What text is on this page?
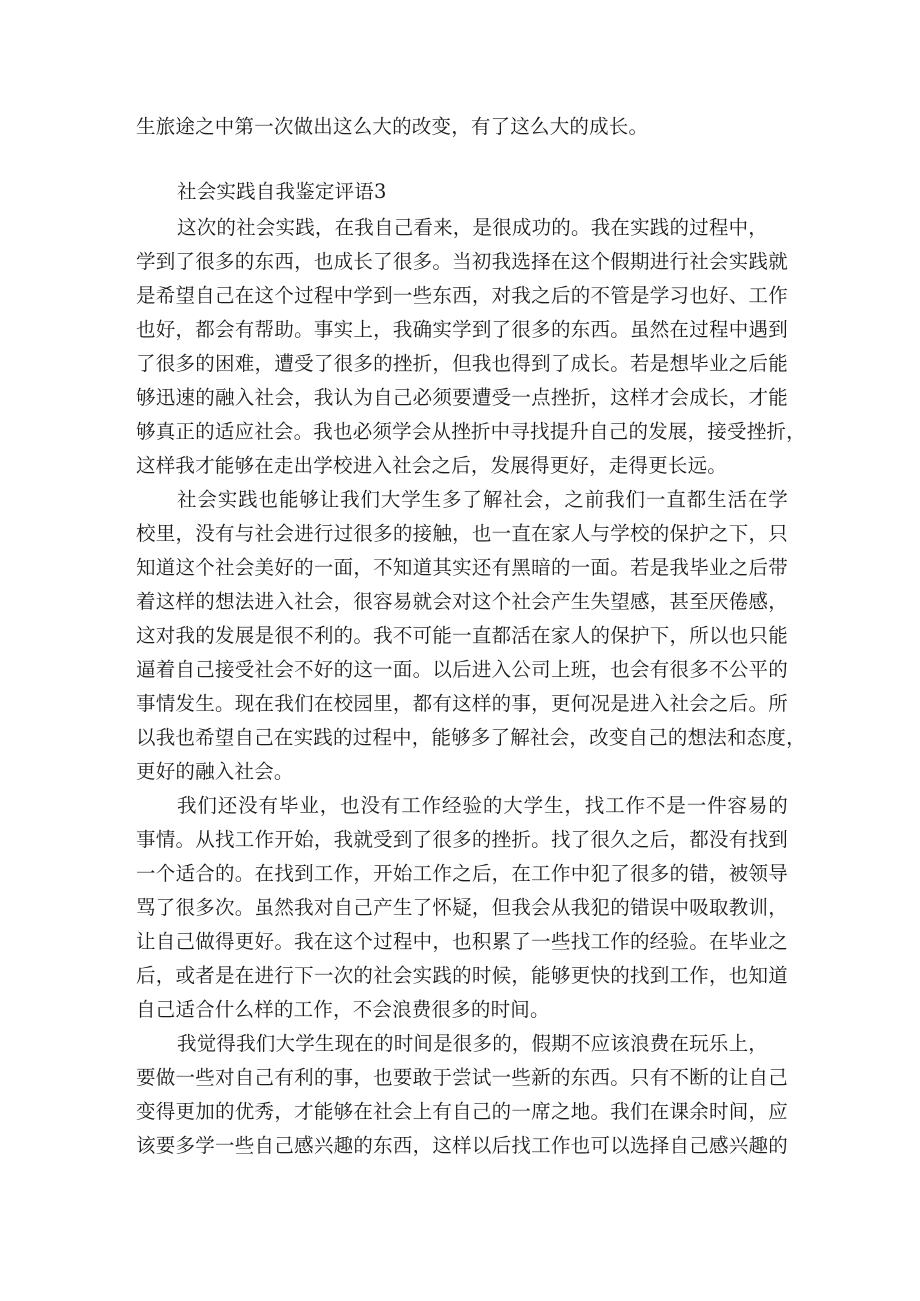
生旅途之中第一次做出这么大的改变，有了这么大的成长。
社会实践自我鉴定评语3
这次的社会实践，在我自己看来，是很成功的。我在实践的过程中，
学到了很多的东西，也成长了很多。当初我选择在这个假期进行社会实践就
是希望自己在这个过程中学到一些东西，对我之后的不管是学习也好、工作
也好，都会有帮助。事实上，我确实学到了很多的东西。虽然在过程中遇到
了很多的困难，遭受了很多的挫折，但我也得到了成长。若是想毕业之后能
够迅速的融入社会，我认为自己必须要遭受一点挫折，这样才会成长，才能
够真正的适应社会。我也必须学会从挫折中寻找提升自己的发展，接受挫折，
这样我才能够在走出学校进入社会之后，发展得更好，走得更长远。
社会实践也能够让我们大学生多了解社会，之前我们一直都生活在学
校里，没有与社会进行过很多的接触，也一直在家人与学校的保护之下，只
知道这个社会美好的一面，不知道其实还有黑暗的一面。若是我毕业之后带
着这样的想法进入社会，很容易就会对这个社会产生失望感，甚至厌倦感，
这对我的发展是很不利的。我不可能一直都活在家人的保护下，所以也只能
逼着自己接受社会不好的这一面。以后进入公司上班，也会有很多不公平的
事情发生。现在我们在校园里，都有这样的事，更何况是进入社会之后。所
以我也希望自己在实践的过程中，能够多了解社会，改变自己的想法和态度，
更好的融入社会。
我们还没有毕业，也没有工作经验的大学生，找工作不是一件容易的
事情。从找工作开始，我就受到了很多的挫折。找了很久之后，都没有找到
一个适合的。在找到工作，开始工作之后，在工作中犯了很多的错，被领导
骂了很多次。虽然我对自己产生了怀疑，但我会从我犯的错误中吸取教训，
让自己做得更好。我在这个过程中，也积累了一些找工作的经验。在毕业之
后，或者是在进行下一次的社会实践的时候，能够更快的找到工作，也知道
自己适合什么样的工作，不会浪费很多的时间。
我觉得我们大学生现在的时间是很多的，假期不应该浪费在玩乐上，
要做一些对自己有利的事，也要敢于尝试一些新的东西。只有不断的让自己
变得更加的优秀，才能够在社会上有自己的一席之地。我们在课余时间，应
该要多学一些自己感兴趣的东西，这样以后找工作也可以选择自己感兴趣的
